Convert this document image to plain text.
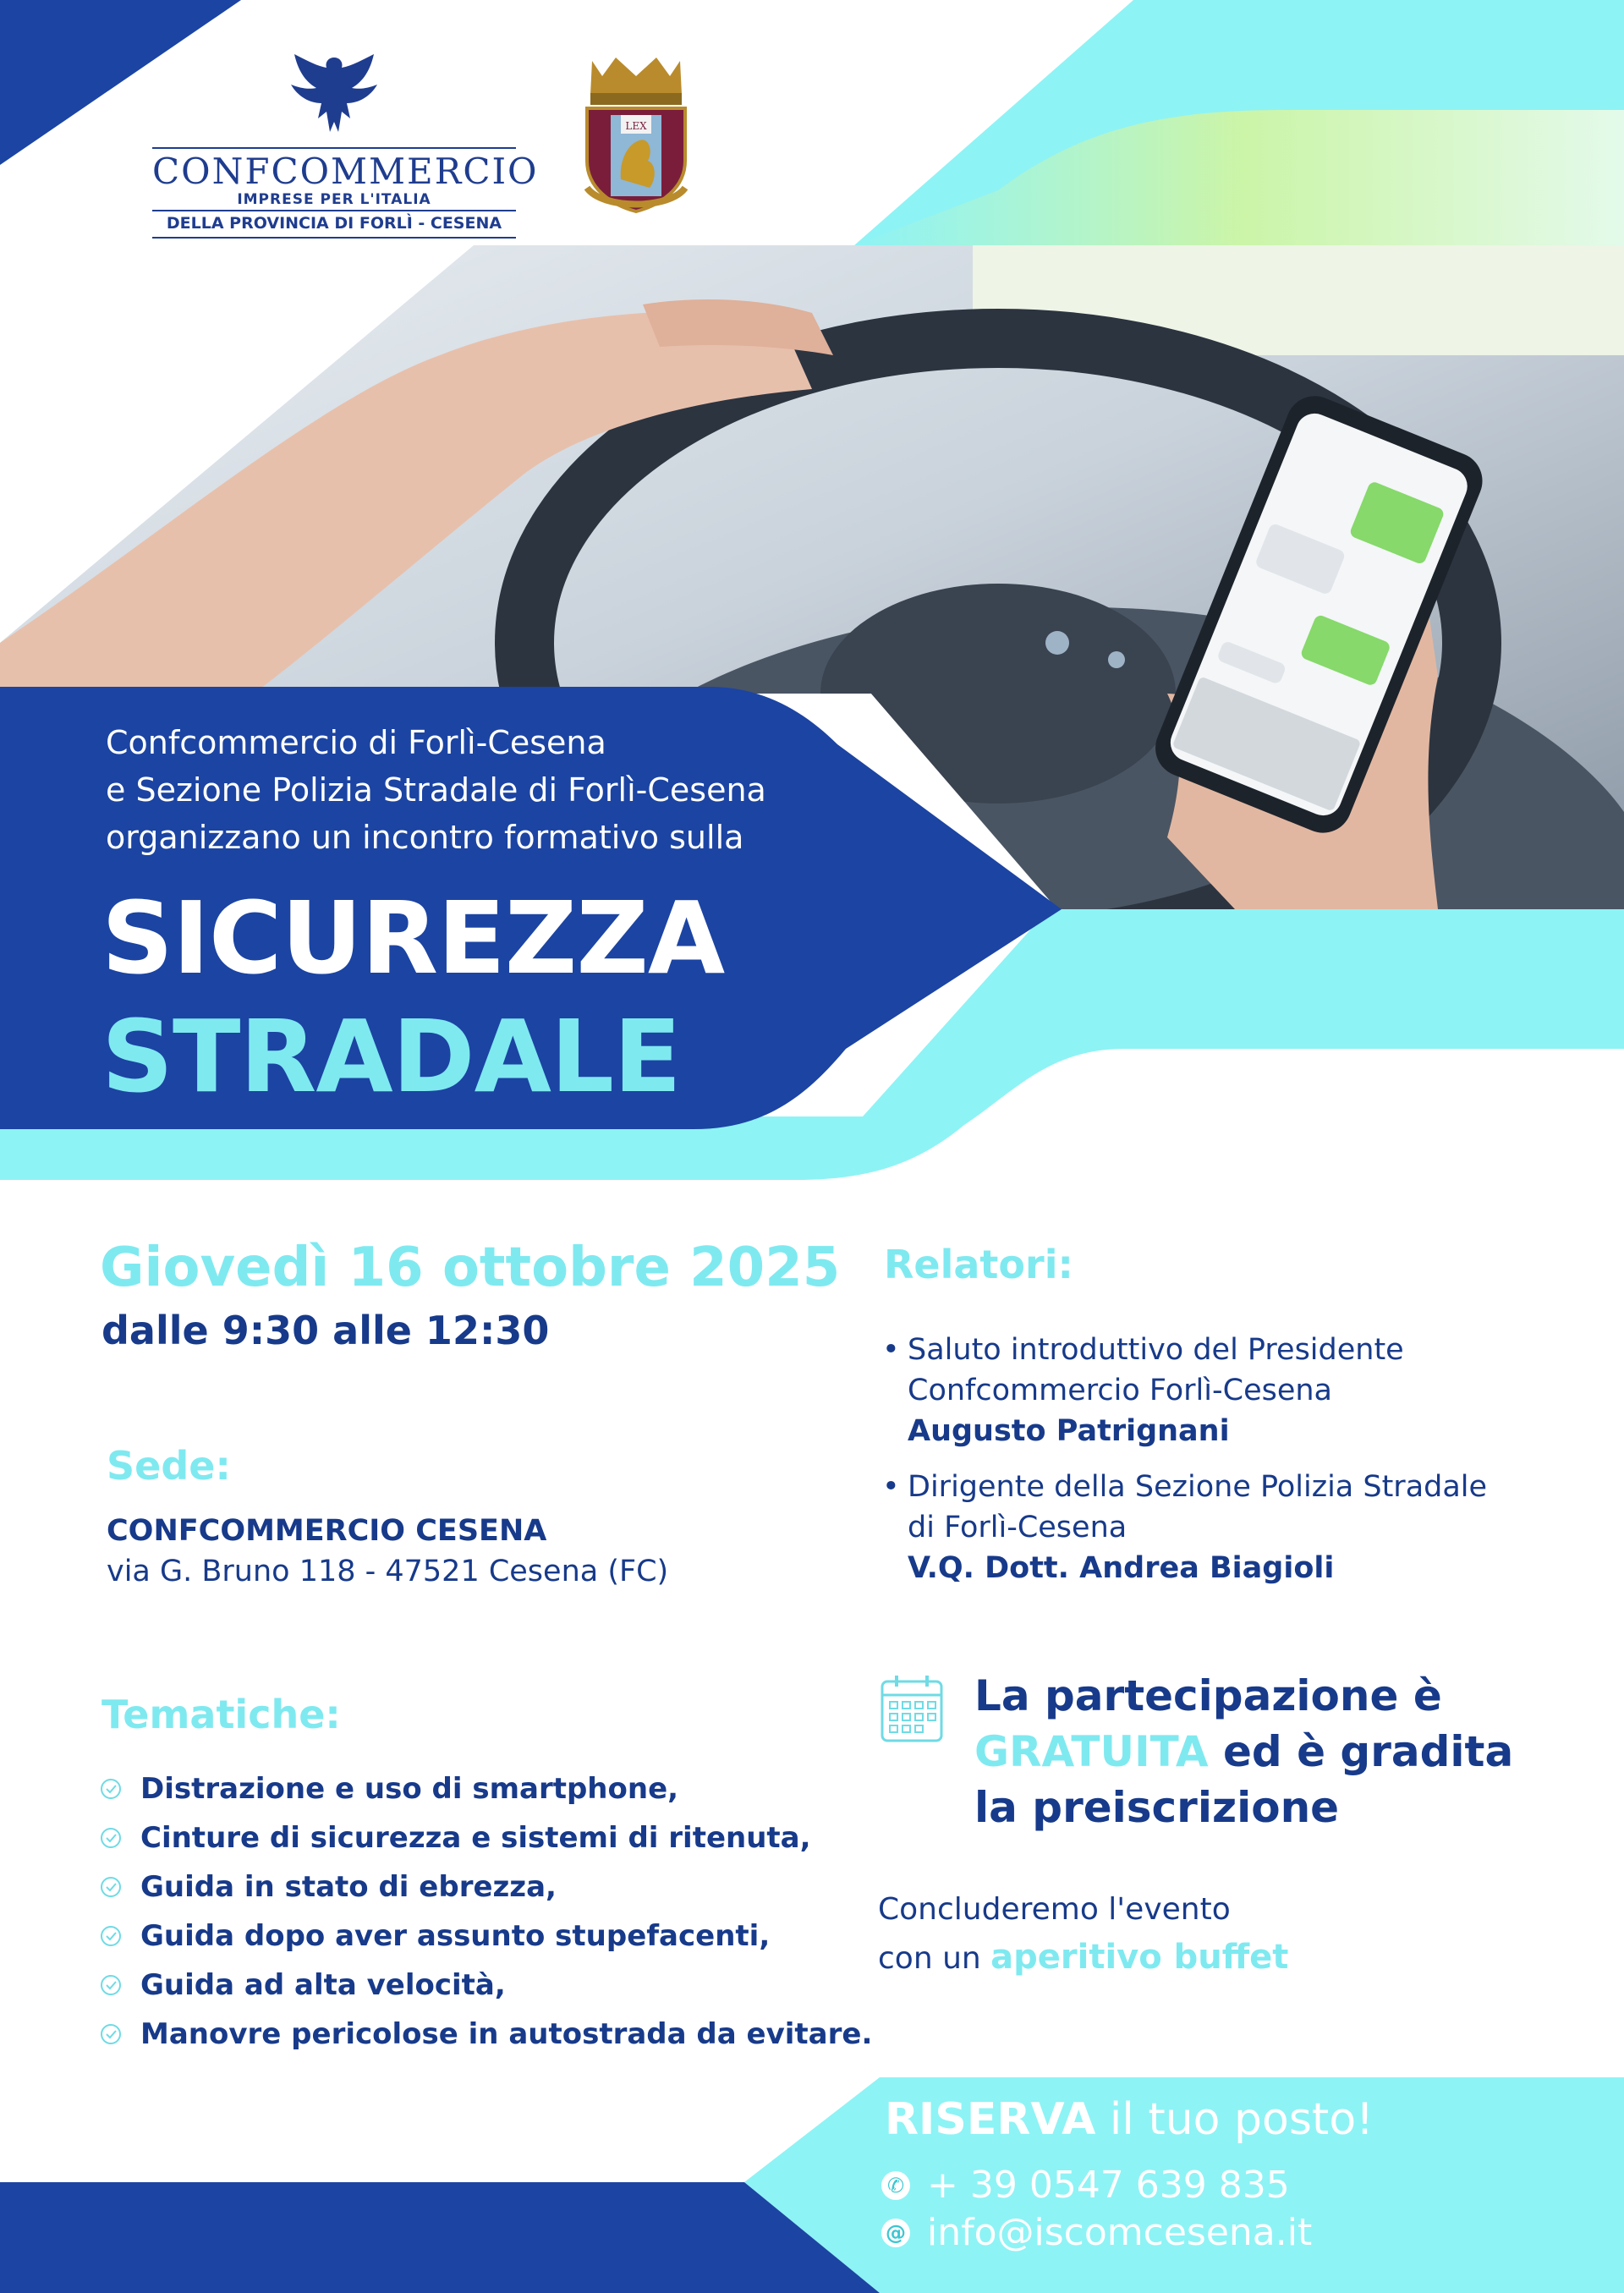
CONFCOMMERCIO
IMPRESE PER L'ITALIA
DELLA PROVINCIA DI FORLÌ - CESENA
LEX
Confcommercio di Forlì-Cesena
e Sezione Polizia Stradale di Forlì-Cesena
organizzano un incontro formativo sulla
SICUREZZA
STRADALE
Giovedì 16 ottobre 2025
dalle 9:30 alle 12:30
Sede:
CONFCOMMERCIO CESENA
via G. Bruno 118 - 47521 Cesena (FC)
Tematiche:
Distrazione e uso di smartphone,
Cinture di sicurezza e sistemi di ritenuta,
Guida in stato di ebrezza,
Guida dopo aver assunto stupefacenti,
Guida ad alta velocità,
Manovre pericolose in autostrada da evitare.
Relatori:
• Saluto introduttivo del Presidente
Confcommercio Forlì-Cesena
Augusto Patrignani
• Dirigente della Sezione Polizia Stradale
di Forlì-Cesena
V.Q. Dott. Andrea Biagioli
La partecipazione è
GRATUITA ed è gradita
la preiscrizione
Concluderemo l'evento
con un aperitivo buffet
RISERVA il tuo posto!
✆ + 39 0547 639 835
@ info@iscomcesena.it
